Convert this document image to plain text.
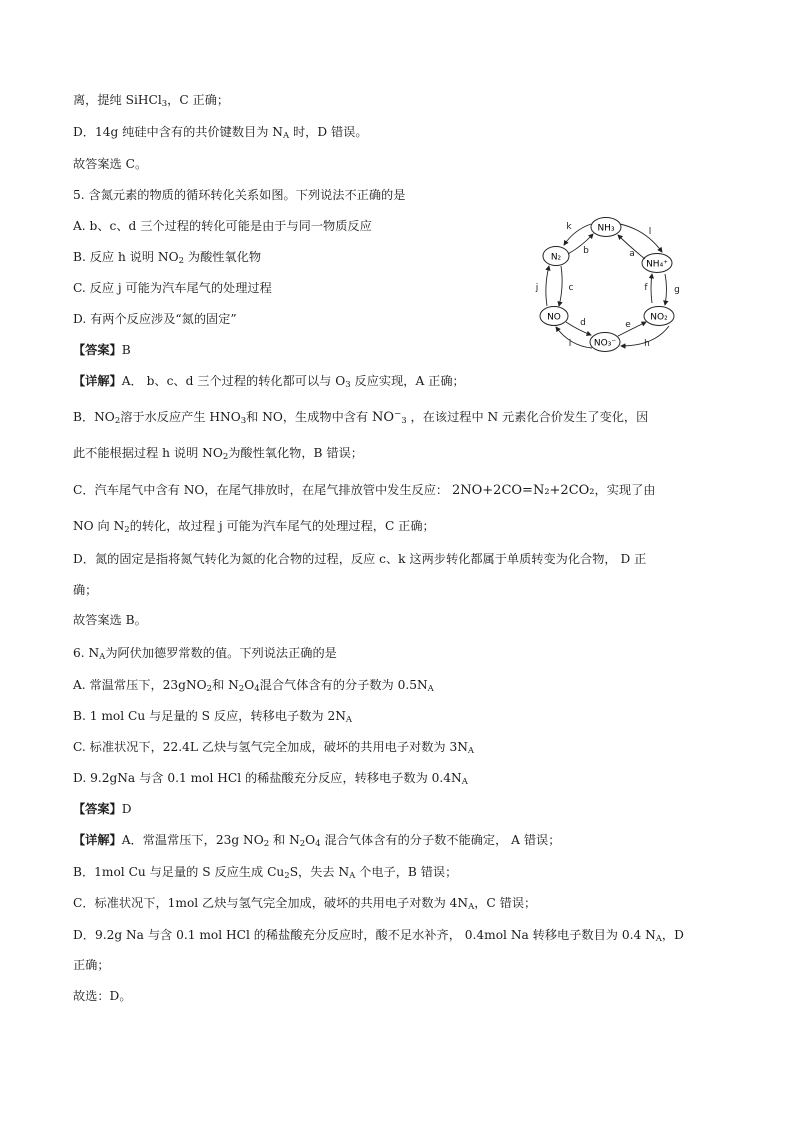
离，提纯 SiHCl$_3$，C 正确；
D．14g 纯硅中含有的共价键数目为 $N_A$ 时，D 错误。
故答案选 C。
5. 含氮元素的物质的循环转化关系如图。下列说法不正确的是
A. b、c、d 三个过程的转化可能是由于与同一物质反应
B. 反应 h 说明 $NO_2$ 为酸性氧化物
C. 反应 j 可能为汽车尾气的处理过程
D. 有两个反应涉及“氮的固定”
【答案】B
【详解】A． b、c、d 三个过程的转化都可以与 $O_3$ 反应实现，A 正确；
B．$NO_2$溶于水反应产生 $HNO_3$和 NO，生成物中含有 $NO^-_3$ ，在该过程中 N 元素化合价发生了变化，因
此不能根据过程 h 说明 $NO_2$为酸性氧化物，B 错误；
C．汽车尾气中含有 NO，在尾气排放时，在尾气排放管中发生反应： 2NO+2CO=N₂+2CO₂，实现了由
NO 向 $N_2$的转化，故过程 j 可能为汽车尾气的处理过程，C 正确；
D．氮的固定是指将氮气转化为氮的化合物的过程，反应 c、k 这两步转化都属于单质转变为化合物， D 正
确；
故答案选 B。
6. $N_A$为阿伏加德罗常数的值。下列说法正确的是
A. 常温常压下，23gNO$_2$和 $N_2O_4$混合气体含有的分子数为 $0.5N_A$
B. 1 mol Cu 与足量的 S 反应，转移电子数为 $2N_A$
C. 标准状况下，22.4L 乙炔与氢气完全加成，破坏的共用电子对数为 $3N_A$
D. 9.2gNa 与含 0.1 mol HCl 的稀盐酸充分反应，转移电子数为 $0.4N_A$
【答案】D
【详解】A．常温常压下，23g $NO_2$ 和 $N_2O_4$ 混合气体含有的分子数不能确定， A 错误；
B．1mol Cu 与足量的 S 反应生成 $Cu_2S$，失去 $N_A$ 个电子，B 错误；
C．标准状况下，1mol 乙炔与氢气完全加成，破坏的共用电子对数为 $4N_A$，C 错误；
D．9.2g Na 与含 0.1 mol HCl 的稀盐酸充分反应时，酸不足水补齐， 0.4mol Na 转移电子数目为 0.4 $N_A$，D
正确；
故选：D。
NH₃
NH₄⁺
NO₂
NO₃⁻
NO
N₂
k
b
l
a
f	g
e
h
d
i
j	c
